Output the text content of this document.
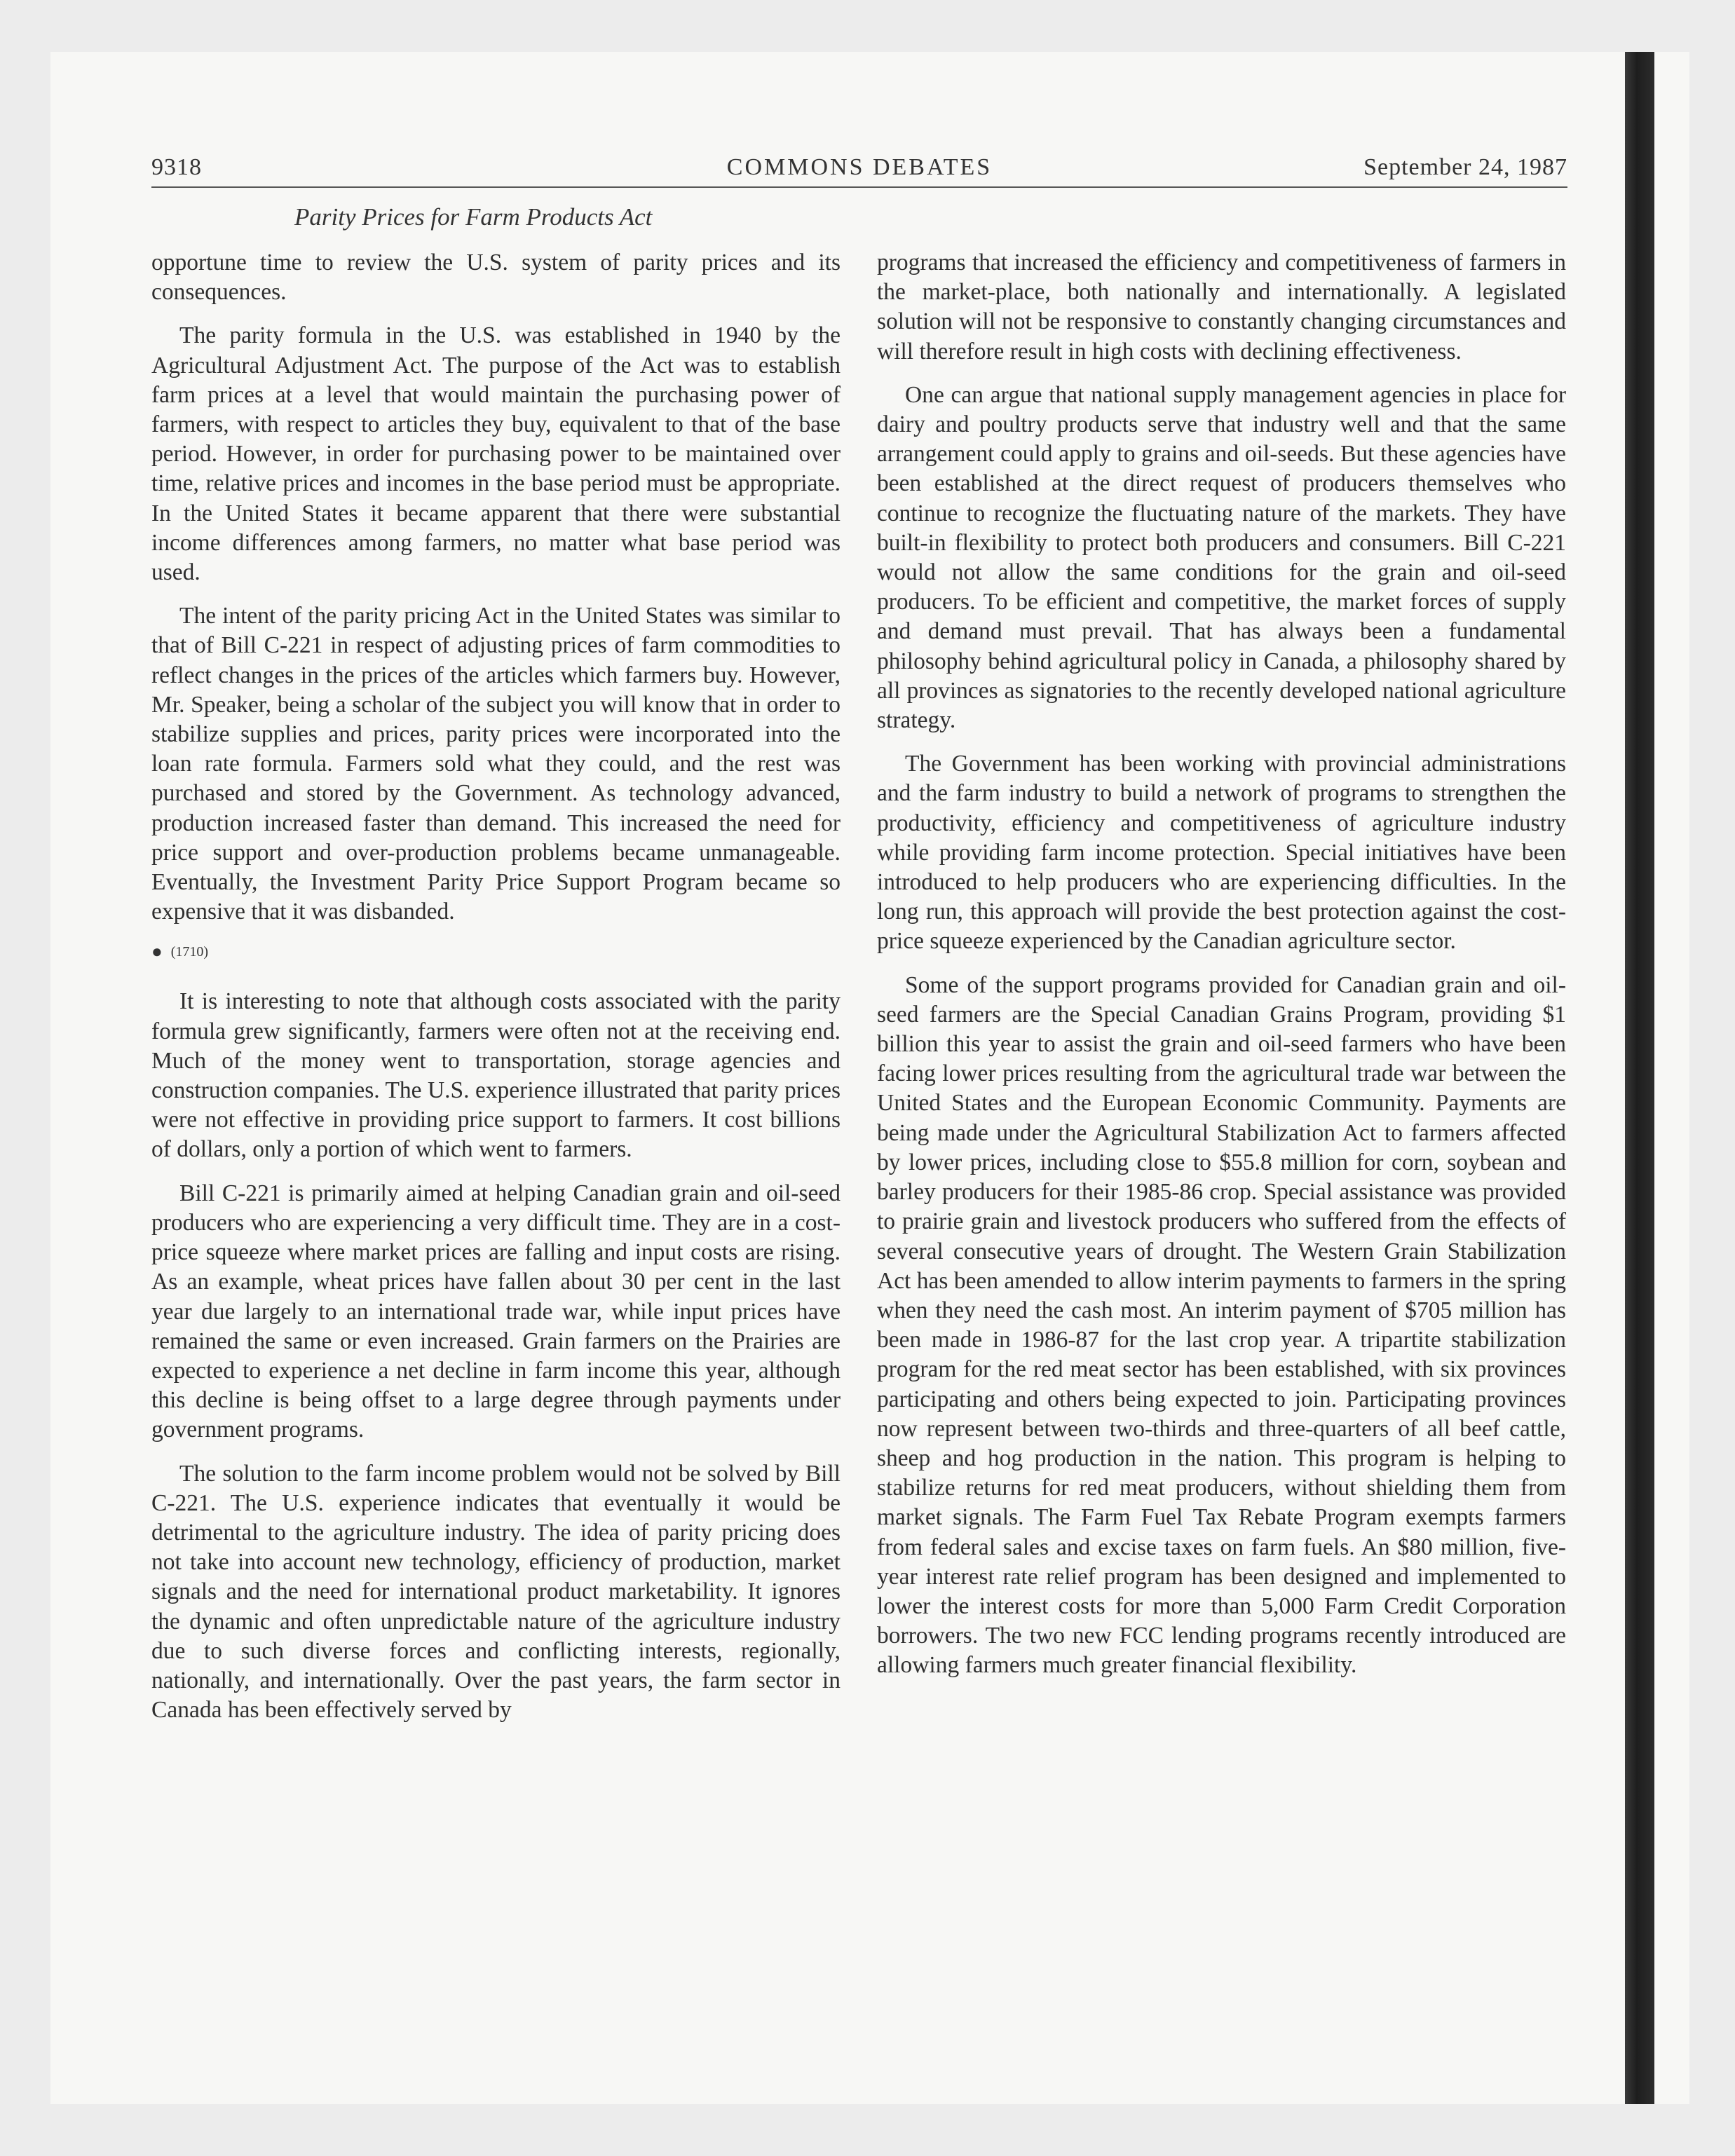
9318	COMMONS DEBATES	September 24, 1987
Parity Prices for Farm Products Act

opportune time to review the U.S. system of parity prices and its consequences.

The parity formula in the U.S. was established in 1940 by the Agricultural Adjustment Act. The purpose of the Act was to establish farm prices at a level that would maintain the purchasing power of farmers, with respect to articles they buy, equivalent to that of the base period. However, in order for purchasing power to be maintained over time, relative prices and incomes in the base period must be appropriate. In the United States it became apparent that there were substantial income differences among farmers, no matter what base period was used.

The intent of the parity pricing Act in the United States was similar to that of Bill C-221 in respect of adjusting prices of farm commodities to reflect changes in the prices of the articles which farmers buy. However, Mr. Speaker, being a scholar of the subject you will know that in order to stabilize supplies and prices, parity prices were incorporated into the loan rate formula. Farmers sold what they could, and the rest was purchased and stored by the Government. As technology advanced, production increased faster than demand. This increased the need for price support and over-production problems became unmanageable. Eventually, the Investment Parity Price Support Program became so expensive that it was disbanded.

● (1710)

It is interesting to note that although costs associated with the parity formula grew significantly, farmers were often not at the receiving end. Much of the money went to transportation, storage agencies and construction companies. The U.S. experience illustrated that parity prices were not effective in providing price support to farmers. It cost billions of dollars, only a portion of which went to farmers.

Bill C-221 is primarily aimed at helping Canadian grain and oil-seed producers who are experiencing a very difficult time. They are in a cost-price squeeze where market prices are falling and input costs are rising. As an example, wheat prices have fallen about 30 per cent in the last year due largely to an international trade war, while input prices have remained the same or even increased. Grain farmers on the Prairies are expected to experience a net decline in farm income this year, although this decline is being offset to a large degree through payments under government programs.

The solution to the farm income problem would not be solved by Bill C-221. The U.S. experience indicates that eventually it would be detrimental to the agriculture industry. The idea of parity pricing does not take into account new technology, efficiency of production, market signals and the need for international product marketability. It ignores the dynamic and often unpredictable nature of the agriculture industry due to such diverse forces and conflicting interests, regionally, nationally, and internationally. Over the past years, the farm sector in Canada has been effectively served by

programs that increased the efficiency and competitiveness of farmers in the market-place, both nationally and internationally. A legislated solution will not be responsive to constantly changing circumstances and will therefore result in high costs with declining effectiveness.

One can argue that national supply management agencies in place for dairy and poultry products serve that industry well and that the same arrangement could apply to grains and oil-seeds. But these agencies have been established at the direct request of producers themselves who continue to recognize the fluctuating nature of the markets. They have built-in flexibility to protect both producers and consumers. Bill C-221 would not allow the same conditions for the grain and oil-seed producers. To be efficient and competitive, the market forces of supply and demand must prevail. That has always been a fundamental philosophy behind agricultural policy in Canada, a philosophy shared by all provinces as signatories to the recently developed national agriculture strategy.

The Government has been working with provincial administrations and the farm industry to build a network of programs to strengthen the productivity, efficiency and competitiveness of agriculture industry while providing farm income protection. Special initiatives have been introduced to help producers who are experiencing difficulties. In the long run, this approach will provide the best protection against the cost-price squeeze experienced by the Canadian agriculture sector.

Some of the support programs provided for Canadian grain and oil-seed farmers are the Special Canadian Grains Program, providing $1 billion this year to assist the grain and oil-seed farmers who have been facing lower prices resulting from the agricultural trade war between the United States and the European Economic Community. Payments are being made under the Agricultural Stabilization Act to farmers affected by lower prices, including close to $55.8 million for corn, soybean and barley producers for their 1985-86 crop. Special assistance was provided to prairie grain and livestock producers who suffered from the effects of several consecutive years of drought. The Western Grain Stabilization Act has been amended to allow interim payments to farmers in the spring when they need the cash most. An interim payment of $705 million has been made in 1986-87 for the last crop year. A tripartite stabilization program for the red meat sector has been established, with six provinces participating and others being expected to join. Participating provinces now represent between two-thirds and three-quarters of all beef cattle, sheep and hog production in the nation. This program is helping to stabilize returns for red meat producers, without shielding them from market signals. The Farm Fuel Tax Rebate Program exempts farmers from federal sales and excise taxes on farm fuels. An $80 million, five-year interest rate relief program has been designed and implemented to lower the interest costs for more than 5,000 Farm Credit Corporation borrowers. The two new FCC lending programs recently introduced are allowing farmers much greater financial flexibility.
